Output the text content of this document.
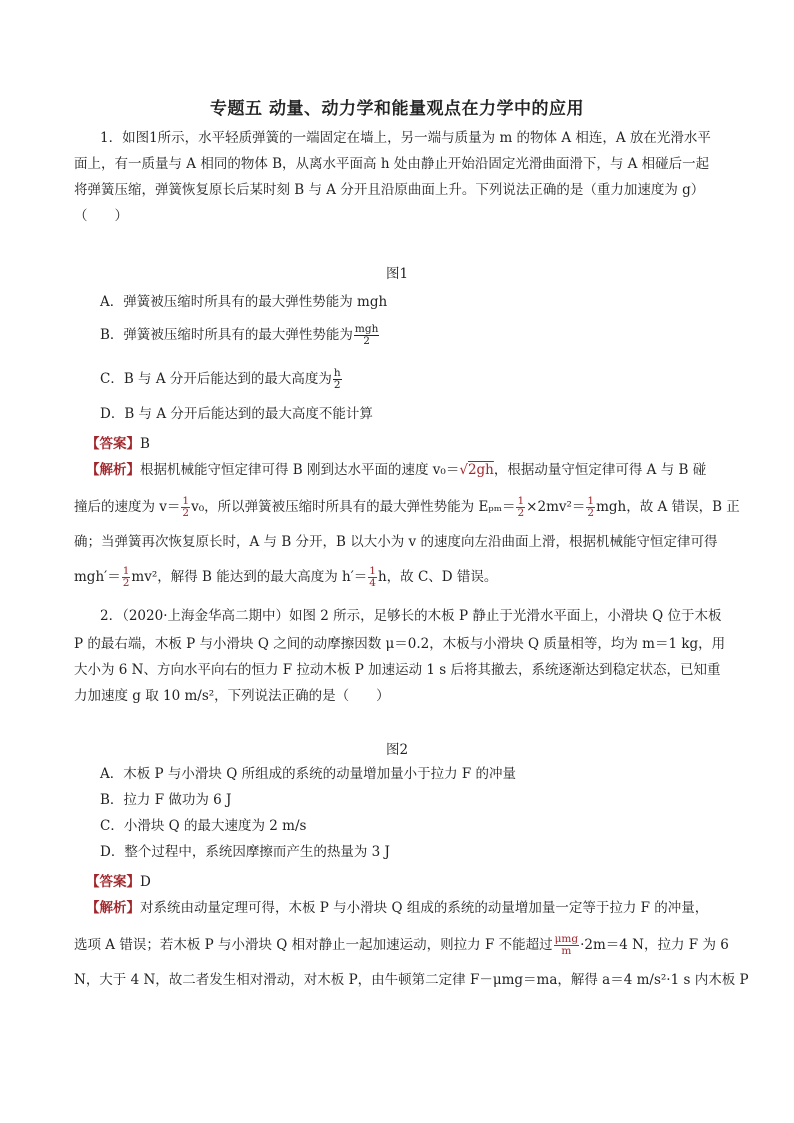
专题五 动量、动力学和能量观点在力学中的应用
1．如图1所示，水平轻质弹簧的一端固定在墙上，另一端与质量为 m 的物体 A 相连，A 放在光滑水平
面上，有一质量与 A 相同的物体 B，从离水平面高 h 处由静止开始沿固定光滑曲面滑下，与 A 相碰后一起
将弹簧压缩，弹簧恢复原长后某时刻 B 与 A 分开且沿原曲面上升。下列说法正确的是（重力加速度为 g）
（　　）
图1
A．弹簧被压缩时所具有的最大弹性势能为 mgh
B．弹簧被压缩时所具有的最大弹性势能为 $\frac{\text{mgh}}{2}$
C．B 与 A 分开后能达到的最大高度为 $\frac{h}{2}$
D．B 与 A 分开后能达到的最大高度不能计算
【答案】B
【解析】根据机械能守恒定律可得 B 刚到达水平面的速度 v₀＝√2gh，根据动量守恒定律可得 A 与 B 碰
撞后的速度为 $v= \frac{1}{2} v_0$，所以弹簧被压缩时所具有的最大弹性势能为 $E_{pm}= \frac{1}{2} \times 2mv^2= \frac{1}{2}$ mgh，故 A 错误，B 正
确；当弹簧再次恢复原长时，A 与 B 分开，B 以大小为 v 的速度向左沿曲面上滑，根据机械能守恒定律可得
$mgh'= \frac{1}{2} mv^2$，解得 B 能达到的最大高度为 $h'= \frac{1}{4}$ h，故 C、D 错误。
2．（2020·上海金华高二期中）如图 2 所示，足够长的木板 P 静止于光滑水平面上，小滑块 Q 位于木板
P 的最右端，木板 P 与小滑块 Q 之间的动摩擦因数 μ＝0.2，木板与小滑块 Q 质量相等，均为 m＝1 kg，用
大小为 6 N、方向水平向右的恒力 F 拉动木板 P 加速运动 1 s 后将其撤去，系统逐渐达到稳定状态，已知重
力加速度 g 取 10 m/s²，下列说法正确的是（　　）
图2
A．木板 P 与小滑块 Q 所组成的系统的动量增加量小于拉力 F 的冲量
B．拉力 F 做功为 6 J
C．小滑块 Q 的最大速度为 2 m/s
D．整个过程中，系统因摩擦而产生的热量为 3 J
【答案】D
【解析】对系统由动量定理可得，木板 P 与小滑块 Q 组成的系统的动量增加量一定等于拉力 F 的冲量，
选项 A 错误；若木板 P 与小滑块 Q 相对静止一起加速运动，则拉力 F 不能超过 $\frac{\text{μmg}}{m} \cdot 2m=4$ N，拉力 F 为 6
N，大于 4 N，故二者发生相对滑动，对木板 P，由牛顿第二定律 F－μmg＝ma，解得 a＝4 m/s²·1 s 内木板 P
